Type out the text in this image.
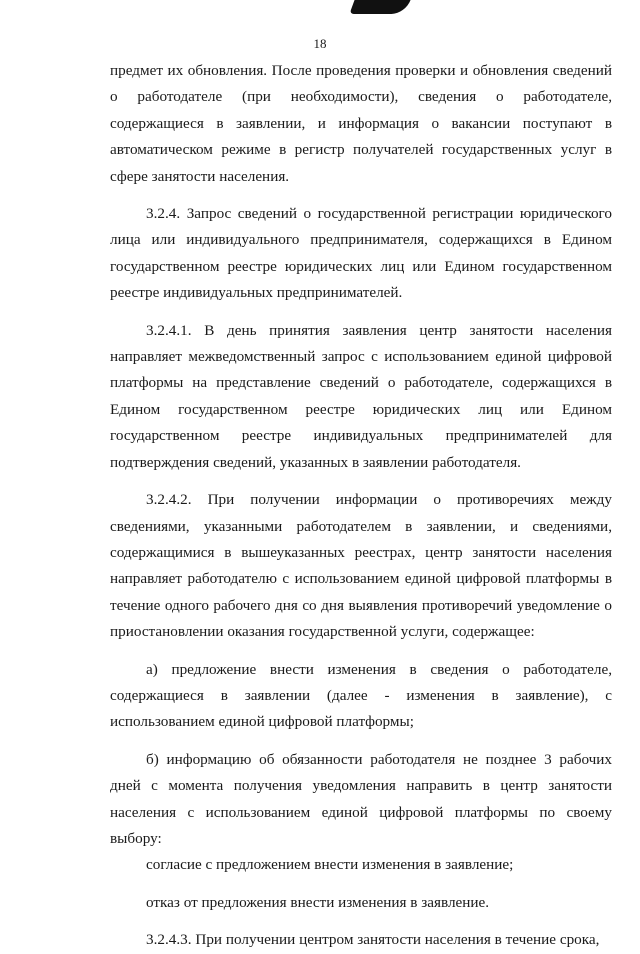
18

предмет их обновления. После проведения проверки и обновления сведений о работодателе (при необходимости), сведения о работодателе, содержащиеся в заявлении, и информация о вакансии поступают в автоматическом режиме в регистр получателей государственных услуг в сфере занятости населения.

3.2.4. Запрос сведений о государственной регистрации юридического лица или индивидуального предпринимателя, содержащихся в Едином государственном реестре юридических лиц или Едином государственном реестре индивидуальных предпринимателей.

3.2.4.1. В день принятия заявления центр занятости населения направляет межведомственный запрос с использованием единой цифровой платформы на представление сведений о работодателе, содержащихся в Едином государственном реестре юридических лиц или Едином государственном реестре индивидуальных предпринимателей для подтверждения сведений, указанных в заявлении работодателя.

3.2.4.2. При получении информации о противоречиях между сведениями, указанными работодателем в заявлении, и сведениями, содержащимися в вышеуказанных реестрах, центр занятости населения направляет работодателю с использованием единой цифровой платформы в течение одного рабочего дня со дня выявления противоречий уведомление о приостановлении оказания государственной услуги, содержащее:

а) предложение внести изменения в сведения о работодателе, содержащиеся в заявлении (далее - изменения в заявление), с использованием единой цифровой платформы;

б) информацию об обязанности работодателя не позднее 3 рабочих дней с момента получения уведомления направить в центр занятости населения с использованием единой цифровой платформы по своему выбору:

согласие с предложением внести изменения в заявление;

отказ от предложения внести изменения в заявление.

3.2.4.3. При получении центром занятости населения в течение срока,
